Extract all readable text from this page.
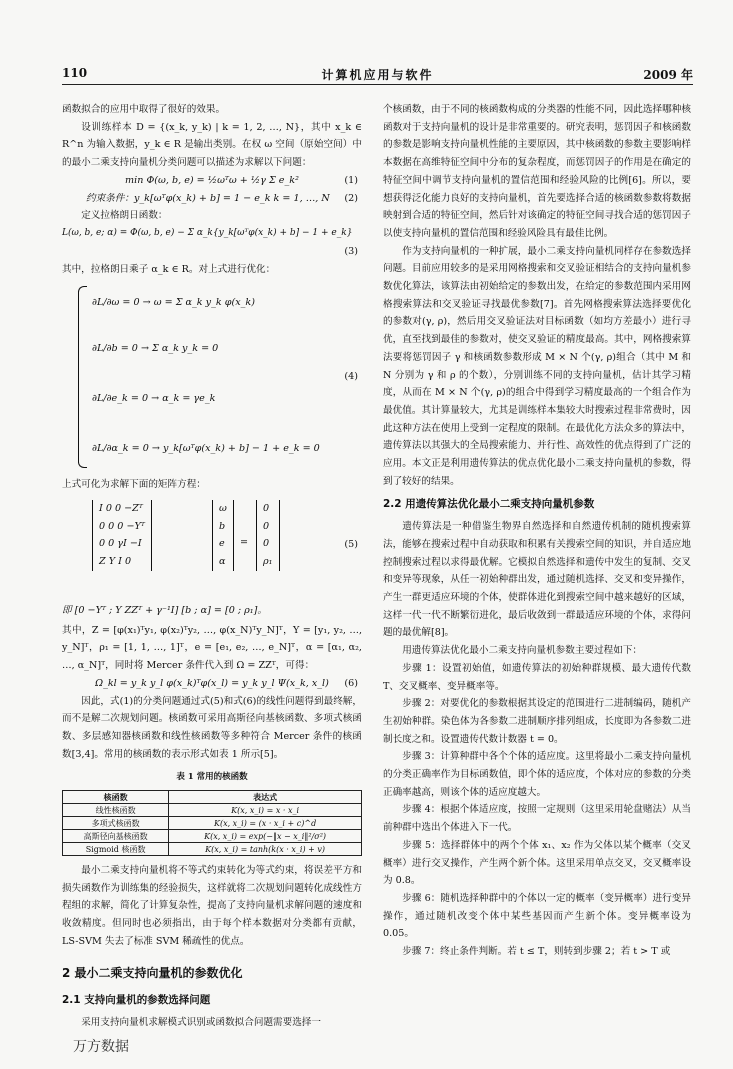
110	计算机应用与软件	2009 年

函数拟合的应用中取得了很好的效果。

设训练样本 D = {(x_k, y_k) | k = 1, 2, …, N}，其中 x_k ∈ R^n 为输入数据，y_k ∈ R 是输出类别。在权 ω 空间（原始空间）中的最小二乘支持向量机分类问题可以描述为求解以下问题：

min Φ(ω, b, e) = ½ωᵀω + ½γ Σ e_k²	(1)
约束条件：y_k[ωᵀφ(x_k) + b] = 1 − e_k k = 1, …, N (2)

定义拉格朗日函数：

L(ω, b, e; α) = Φ(ω, b, e) − Σ α_k{y_k[ωᵀφ(x_k) + b] − 1 + e_k}
(3)

其中，拉格朗日乘子 α_k ∈ R。对上式进行优化：

∂L/∂ω = 0 → ω = Σ α_k y_k φ(x_k)
∂L/∂b = 0 → Σ α_k y_k = 0
∂L/∂e_k = 0 → α_k = γe_k
∂L/∂α_k = 0 → y_k[ωᵀφ(x_k) + b] − 1 + e_k = 0
(4)

上式可化为求解下面的矩阵方程：

I 0 0 −Zᵀ
0 0 0 −Yᵀ
0 0 γI −I
Z Y I 0
ω
b
e
α
=
0
0
0
ρ₁
(5)
即 [0 −Yᵀ ; Y ZZᵀ + γ⁻¹I] [b ; α] = [0 ; ρ₁]。

其中，Z = [φ(x₁)ᵀy₁, φ(x₂)ᵀy₂, …, φ(x_N)ᵀy_N]ᵀ，Y = [y₁, y₂, …, y_N]ᵀ，ρ₁ = [1, 1, …, 1]ᵀ，e = [e₁, e₂, …, e_N]ᵀ，α = [α₁, α₂, …, α_N]ᵀ，同时将 Mercer 条件代入到 Ω = ZZᵀ，可得：

Ω_kl = y_k y_l φ(x_k)ᵀφ(x_l) = y_k y_l Ψ(x_k, x_l) (6)

因此，式(1)的分类问题通过式(5)和式(6)的线性问题得到最终解，而不是解二次规划问题。核函数可采用高斯径向基核函数、多项式核函数、多层感知器核函数和线性核函数等多种符合 Mercer 条件的核函数[3,4]。常用的核函数的表示形式如表 1 所示[5]。

表 1 常用的核函数
核函数	表达式
线性核函数	K(x, x_i) = x · x_i
多项式核函数	K(x, x_i) = (x · x_i + c)^d
高斯径向基核函数	K(x, x_i) = exp(−‖x − x_i‖²/σ²)
Sigmoid 核函数	K(x, x_i) = tanh(k(x · x_i) + v)

最小二乘支持向量机将不等式约束转化为等式约束，将误差平方和损失函数作为训练集的经验损失，这样就将二次规划问题转化成线性方程组的求解，简化了计算复杂性，提高了支持向量机求解问题的速度和收敛精度。但同时也必须指出，由于每个样本数据对分类都有贡献，LS-SVM 失去了标准 SVM 稀疏性的优点。

2 最小二乘支持向量机的参数优化
2.1 支持向量机的参数选择问题

采用支持向量机求解模式识别或函数拟合问题需要选择一

个核函数，由于不同的核函数构成的分类器的性能不同，因此选择哪种核函数对于支持向量机的设计是非常重要的。研究表明，惩罚因子和核函数的参数是影响支持向量机性能的主要原因，其中核函数的参数主要影响样本数据在高维特征空间中分布的复杂程度，而惩罚因子的作用是在确定的特征空间中调节支持向量机的置信范围和经验风险的比例[6]。所以，要想获得泛化能力良好的支持向量机，首先要选择合适的核函数参数将数据映射到合适的特征空间，然后针对该确定的特征空间寻找合适的惩罚因子以使支持向量机的置信范围和经验风险具有最佳比例。

作为支持向量机的一种扩展，最小二乘支持向量机同样存在参数选择问题。目前应用较多的是采用网格搜索和交叉验证相结合的支持向量机参数优化算法，该算法由初始给定的参数出发，在给定的参数范围内采用网格搜索算法和交叉验证寻找最优参数[7]。首先网格搜索算法选择要优化的参数对(γ, ρ)，然后用交叉验证法对目标函数（如均方差最小）进行寻优，直至找到最佳的参数对，使交叉验证的精度最高。其中，网格搜索算法要将惩罚因子 γ 和核函数参数形成 M × N 个(γ, ρ)组合（其中 M 和 N 分别为 γ 和 ρ 的个数），分别训练不同的支持向量机，估计其学习精度，从而在 M × N 个(γ, ρ)的组合中得到学习精度最高的一个组合作为最优值。其计算量较大，尤其是训练样本集较大时搜索过程非常费时，因此这种方法在使用上受到一定程度的限制。在最优化方法众多的算法中，遗传算法以其强大的全局搜索能力、并行性、高效性的优点得到了广泛的应用。本文正是利用遗传算法的优点优化最小二乘支持向量机的参数，得到了较好的结果。

2.2 用遗传算法优化最小二乘支持向量机参数

遗传算法是一种借鉴生物界自然选择和自然遗传机制的随机搜索算法，能够在搜索过程中自动获取和积累有关搜索空间的知识，并自适应地控制搜索过程以求得最优解。它模拟自然选择和遗传中发生的复制、交叉和变异等现象，从任一初始种群出发，通过随机选择、交叉和变异操作，产生一群更适应环境的个体，使群体进化到搜索空间中越来越好的区域，这样一代一代不断繁衍进化，最后收敛到一群最适应环境的个体，求得问题的最优解[8]。

用遗传算法优化最小二乘支持向量机参数主要过程如下：

步骤 1：设置初始值，如遗传算法的初始种群规模、最大遗传代数 T、交叉概率、变异概率等。

步骤 2：对要优化的参数根据其设定的范围进行二进制编码，随机产生初始种群。染色体为各参数二进制顺序排列组成，长度即为各参数二进制长度之和。设置遗传代数计数器 t = 0。

步骤 3：计算种群中各个个体的适应度。这里将最小二乘支持向量机的分类正确率作为目标函数值，即个体的适应度，个体对应的参数的分类正确率越高，则该个体的适应度越大。

步骤 4：根据个体适应度，按照一定规则（这里采用轮盘赌法）从当前种群中选出个体进入下一代。

步骤 5：选择群体中的两个个体 x₁、x₂ 作为父体以某个概率（交叉概率）进行交叉操作，产生两个新个体。这里采用单点交叉，交叉概率设为 0.8。

步骤 6：随机选择种群中的个体以一定的概率（变异概率）进行变异操作，通过随机改变个体中某些基因而产生新个体。变异概率设为 0.05。

步骤 7：终止条件判断。若 t ≤ T，则转到步骤 2；若 t > T 或

万方数据
